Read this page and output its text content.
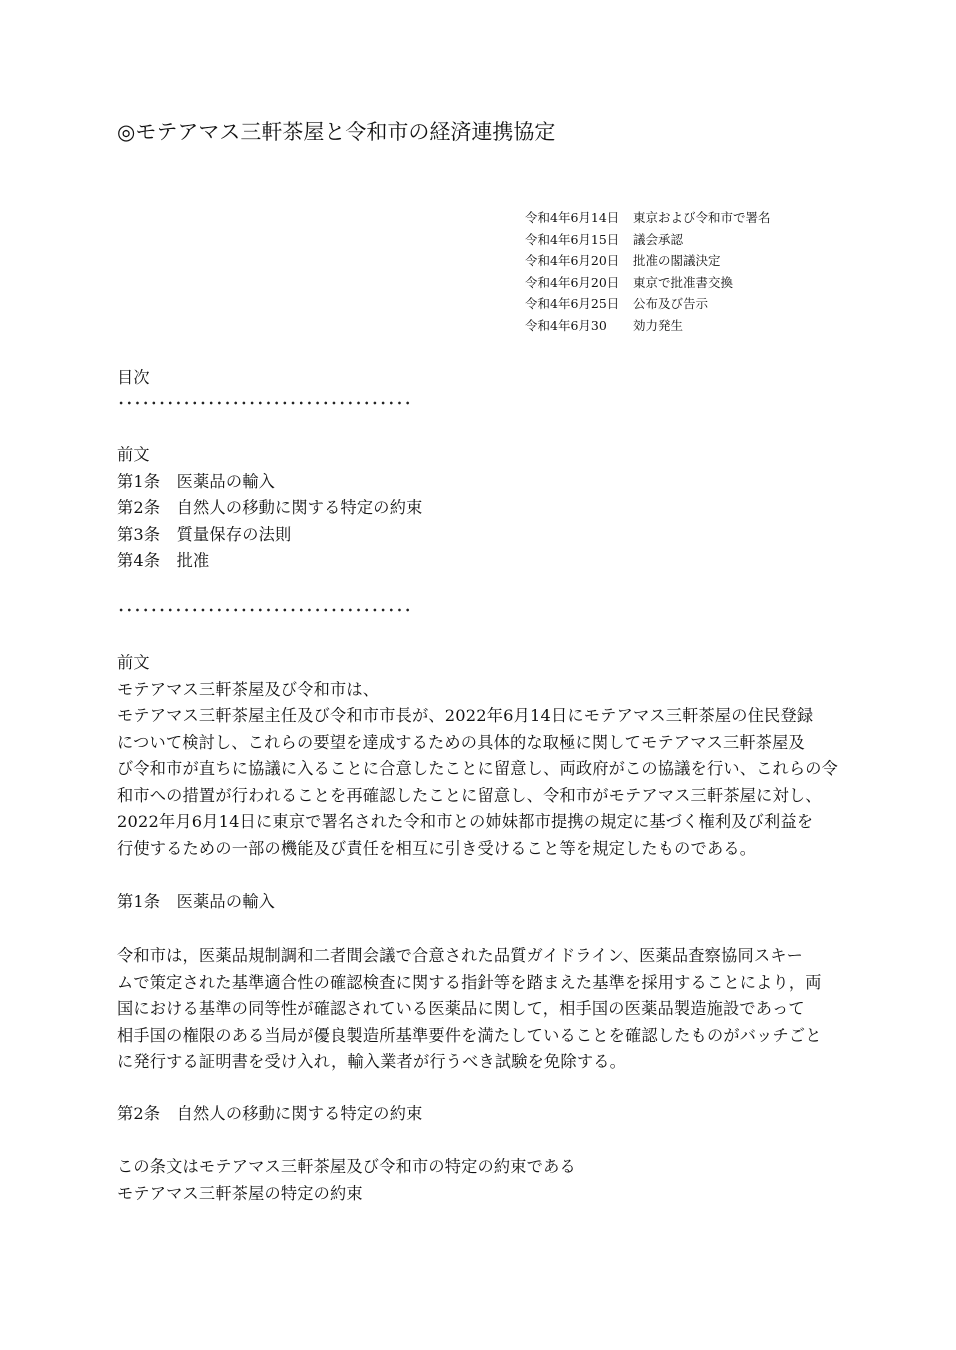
◎モテアマス三軒茶屋と令和市の経済連携協定
令和4年6月14日 東京および令和市で署名
令和4年6月15日 議会承認
令和4年6月20日 批准の閣議決定
令和4年6月20日 東京で批准書交換
令和4年6月25日 公布及び告示
令和4年6月30 効力発生
目次
前文
第1条　医薬品の輸入
第2条　自然人の移動に関する特定の約束
第3条　質量保存の法則
第4条　批准
前文
モテアマス三軒茶屋及び令和市は、
モテアマス三軒茶屋主任及び令和市市長が、2022年6月14日にモテアマス三軒茶屋の住民登録
について検討し、これらの要望を達成するための具体的な取極に関してモテアマス三軒茶屋及
び令和市が直ちに協議に入ることに合意したことに留意し、両政府がこの協議を行い、これらの令
和市への措置が行われることを再確認したことに留意し、令和市がモテアマス三軒茶屋に対し、
2022年月6月14日に東京で署名された令和市との姉妹都市提携の規定に基づく権利及び利益を
行使するための一部の機能及び責任を相互に引き受けること等を規定したものである。
第1条　医薬品の輸入
令和市は，医薬品規制調和二者間会議で合意された品質ガイドライン、医薬品査察協同スキー
ムで策定された基準適合性の確認検査に関する指針等を踏まえた基準を採用することにより，両
国における基準の同等性が確認されている医薬品に関して，相手国の医薬品製造施設であって
相手国の権限のある当局が優良製造所基準要件を満たしていることを確認したものがバッチごと
に発行する証明書を受け入れ，輸入業者が行うべき試験を免除する。
第2条　自然人の移動に関する特定の約束
この条文はモテアマス三軒茶屋及び令和市の特定の約束である
モテアマス三軒茶屋の特定の約束
